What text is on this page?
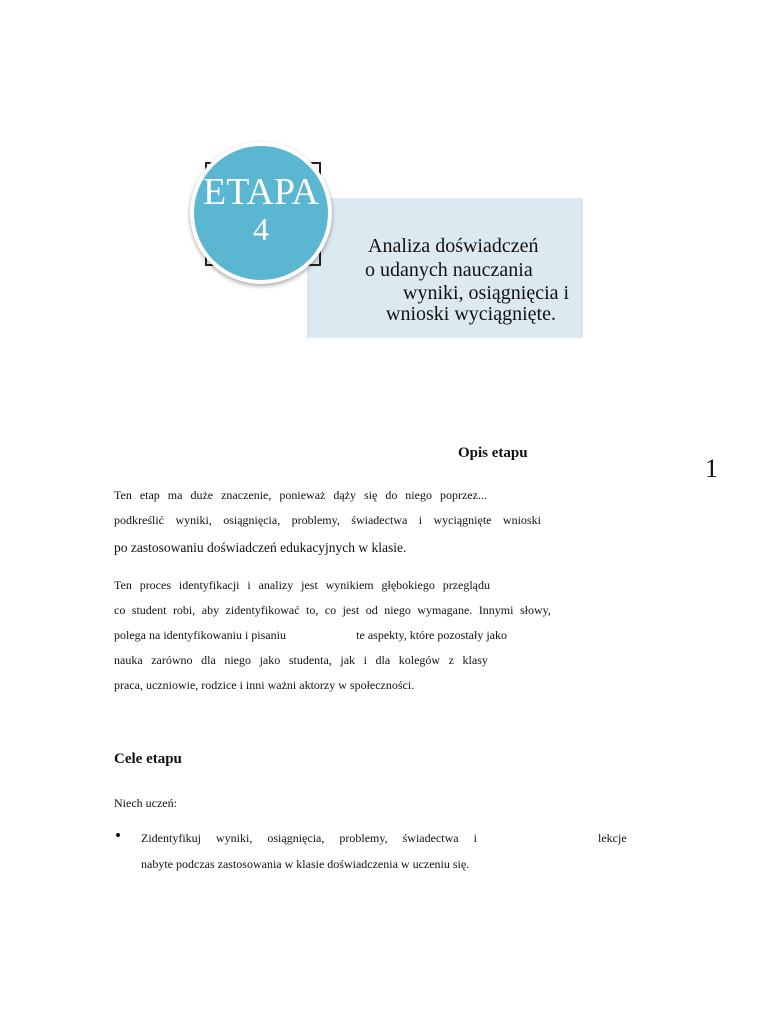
ETAPA
4	Analiza doświadczeń
o udanych nauczania
wyniki, osiągnięcia i
wnioski wyciągnięte.
1
Opis etapu
Ten etap ma duże znaczenie, ponieważ dąży się do niego poprzez...
podkreślić wyniki, osiągnięcia, problemy, świadectwa i wyciągnięte wnioski
po zastosowaniu doświadczeń edukacyjnych w klasie.
Ten proces identyfikacji i analizy jest wynikiem głębokiego przeglądu
co student robi, aby zidentyfikować to, co jest od niego wymagane. Innymi słowy,
polega na identyfikowaniu i pisaniu	te aspekty, które pozostały jako
nauka zarówno dla niego jako studenta, jak i dla kolegów z klasy
praca, uczniowie, rodzice i inni ważni aktorzy w społeczności.
Cele etapu
Niech uczeń:
Zidentyfikuj wyniki, osiągnięcia, problemy, świadectwa i	lekcje
nabyte podczas zastosowania w klasie doświadczenia w uczeniu się.
